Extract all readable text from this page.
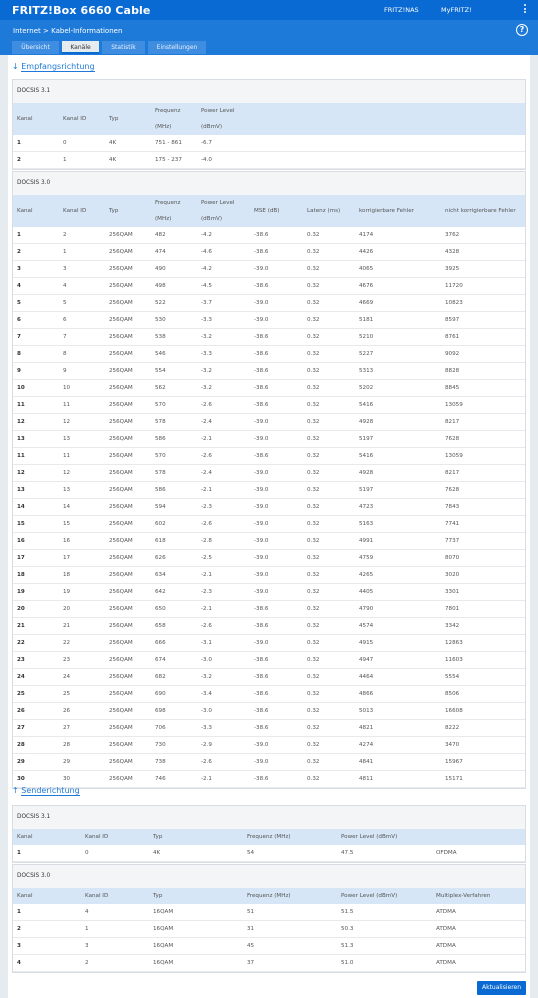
FRITZ!Box 6660 Cable	FRITZ!NAS	MyFRITZ!
Internet > Kabel-Informationen	?
Übersicht	Kanäle	Statistik	Einstellungen
↓ Empfangsrichtung
DOCSIS 3.1
Kanal	Kanal ID	Typ
Frequenz (MHz)
Power Level (dBmV)
1	0	4K	751 - 861	-6.7
2	1	4K	175 - 237	-4.0
DOCSIS 3.0
Kanal	Kanal ID	Typ
Frequenz (MHz)
Power Level (dBmV)
MSE (dB)	Latenz (ms)	korrigierbare Fehler	nicht korrigierbare Fehler
1	2	256QAM	482	-4.2	-38.6	0.32	4174	3762
2	1	256QAM	474	-4.6	-38.6	0.32	4426	4328
3	3	256QAM	490	-4.2	-39.0	0.32	4065	3925
4	4	256QAM	498	-4.5	-38.6	0.32	4676	11720
5	5	256QAM	522	-3.7	-39.0	0.32	4669	10823
6	6	256QAM	530	-3.3	-39.0	0.32	5181	8597
7	7	256QAM	538	-3.2	-38.6	0.32	5210	8761
8	8	256QAM	546	-3.3	-38.6	0.32	5227	9092
9	9	256QAM	554	-3.2	-38.6	0.32	5313	8828
10	10	256QAM	562	-3.2	-38.6	0.32	5202	8845
11	11	256QAM	570	-2.6	-38.6	0.32	5416	13059
12	12	256QAM	578	-2.4	-39.0	0.32	4928	8217
13	13	256QAM	586	-2.1	-39.0	0.32	5197	7628
11	11	256QAM	570	-2.6	-38.6	0.32	5416	13059
12	12	256QAM	578	-2.4	-39.0	0.32	4928	8217
13	13	256QAM	586	-2.1	-39.0	0.32	5197	7628
14	14	256QAM	594	-2.3	-39.0	0.32	4723	7843
15	15	256QAM	602	-2.6	-39.0	0.32	5163	7741
16	16	256QAM	618	-2.8	-39.0	0.32	4991	7737
17	17	256QAM	626	-2.5	-39.0	0.32	4759	8070
18	18	256QAM	634	-2.1	-39.0	0.32	4265	3020
19	19	256QAM	642	-2.3	-39.0	0.32	4405	3301
20	20	256QAM	650	-2.1	-38.6	0.32	4790	7801
21	21	256QAM	658	-2.6	-38.6	0.32	4574	3342
22	22	256QAM	666	-3.1	-39.0	0.32	4915	12863
23	23	256QAM	674	-3.0	-38.6	0.32	4947	11603
24	24	256QAM	682	-3.2	-38.6	0.32	4464	5554
25	25	256QAM	690	-3.4	-38.6	0.32	4866	8506
26	26	256QAM	698	-3.0	-38.6	0.32	5013	16608
27	27	256QAM	706	-3.3	-38.6	0.32	4821	8222
28	28	256QAM	730	-2.9	-39.0	0.32	4274	3470
29	29	256QAM	738	-2.6	-39.0	0.32	4841	15967
30	30	256QAM	746	-2.1	-38.6	0.32	4811	15171
↑ Senderichtung
DOCSIS 3.1
Kanal	Kanal ID	Typ	Frequenz (MHz)	Power Level (dBmV)
1	0	4K	54	47.5	OFDMA
DOCSIS 3.0
Kanal	Kanal ID	Typ	Frequenz (MHz)	Power Level (dBmV)	Multiplex-Verfahren
1	4	16QAM	51	51.5	ATDMA
2	1	16QAM	31	50.3	ATDMA
3	3	16QAM	45	51.3	ATDMA
4	2	16QAM	37	51.0	ATDMA
Aktualisieren
